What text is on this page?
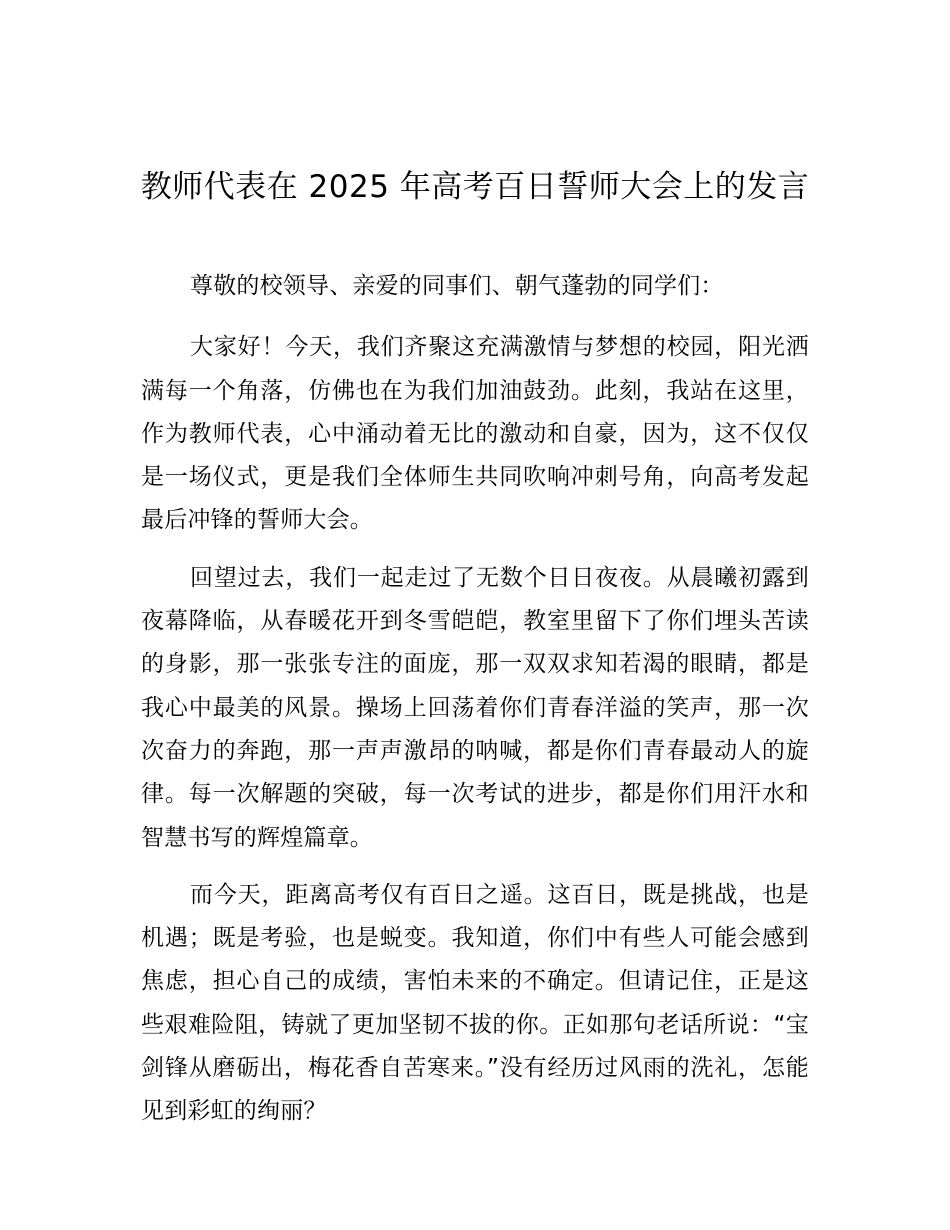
教师代表在 2025 年高考百日誓师大会上的发言

尊敬的校领导、亲爱的同事们、朝气蓬勃的同学们：

大家好！今天，我们齐聚这充满激情与梦想的校园，阳光洒满每一个角落，仿佛也在为我们加油鼓劲。此刻，我站在这里，作为教师代表，心中涌动着无比的激动和自豪，因为，这不仅仅是一场仪式，更是我们全体师生共同吹响冲刺号角，向高考发起最后冲锋的誓师大会。

回望过去，我们一起走过了无数个日日夜夜。从晨曦初露到夜幕降临，从春暖花开到冬雪皑皑，教室里留下了你们埋头苦读的身影，那一张张专注的面庞，那一双双求知若渴的眼睛，都是我心中最美的风景。操场上回荡着你们青春洋溢的笑声，那一次次奋力的奔跑，那一声声激昂的呐喊，都是你们青春最动人的旋律。每一次解题的突破，每一次考试的进步，都是你们用汗水和智慧书写的辉煌篇章。

而今天，距离高考仅有百日之遥。这百日，既是挑战，也是机遇；既是考验，也是蜕变。我知道，你们中有些人可能会感到焦虑，担心自己的成绩，害怕未来的不确定。但请记住，正是这些艰难险阻，铸就了更加坚韧不拔的你。正如那句老话所说：“宝剑锋从磨砺出，梅花香自苦寒来。”没有经历过风雨的洗礼，怎能见到彩虹的绚丽？
